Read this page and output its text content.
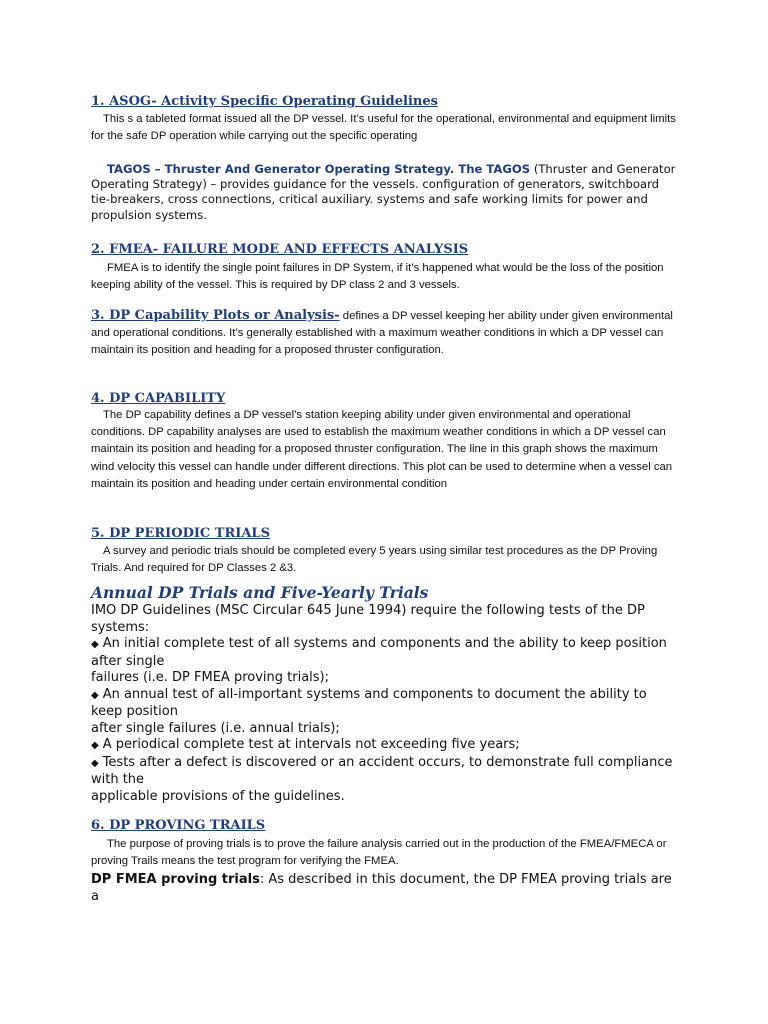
1. ASOG- Activity Specific Operating Guidelines
This s a tableted format issued all the DP vessel. It’s useful for the operational, environmental and equipment limits for the safe DP operation while carrying out the specific operating
TAGOS – Thruster And Generator Operating Strategy. The TAGOS (Thruster and Generator Operating Strategy) – provides guidance for the vessels. configuration of generators, switchboard tie-breakers, cross connections, critical auxiliary. systems and safe working limits for power and propulsion systems.
2. FMEA- FAILURE MODE AND EFFECTS ANALYSIS
FMEA is to identify the single point failures in DP System, if it’s happened what would be the loss of the position keeping ability of the vessel. This is required by DP class 2 and 3 vessels.
3. DP Capability Plots or Analysis- defines a DP vessel keeping her ability under given environmental and operational conditions. It’s generally established with a maximum weather conditions in which a DP vessel can maintain its position and heading for a proposed thruster configuration.
4. DP CAPABILITY
The DP capability defines a DP vessel’s station keeping ability under given environmental and operational conditions. DP capability analyses are used to establish the maximum weather conditions in which a DP vessel can maintain its position and heading for a proposed thruster configuration. The line in this graph shows the maximum wind velocity this vessel can handle under different directions. This plot can be used to determine when a vessel can maintain its position and heading under certain environmental condition
5. DP PERIODIC TRIALS
A survey and periodic trials should be completed every 5 years using similar test procedures as the DP Proving Trials. And required for DP Classes 2 &3.
Annual DP Trials and Five-Yearly Trials
IMO DP Guidelines (MSC Circular 645 June 1994) require the following tests of the DP systems:
◆ An initial complete test of all systems and components and the ability to keep position after single
failures (i.e. DP FMEA proving trials);
◆ An annual test of all-important systems and components to document the ability to keep position
after single failures (i.e. annual trials);
◆ A periodical complete test at intervals not exceeding five years;
◆ Tests after a defect is discovered or an accident occurs, to demonstrate full compliance with the
applicable provisions of the guidelines.
6. DP PROVING TRAILS
The purpose of proving trials is to prove the failure analysis carried out in the production of the FMEA/FMECA or proving Trails means the test program for verifying the FMEA.
DP FMEA proving trials: As described in this document, the DP FMEA proving trials are a
